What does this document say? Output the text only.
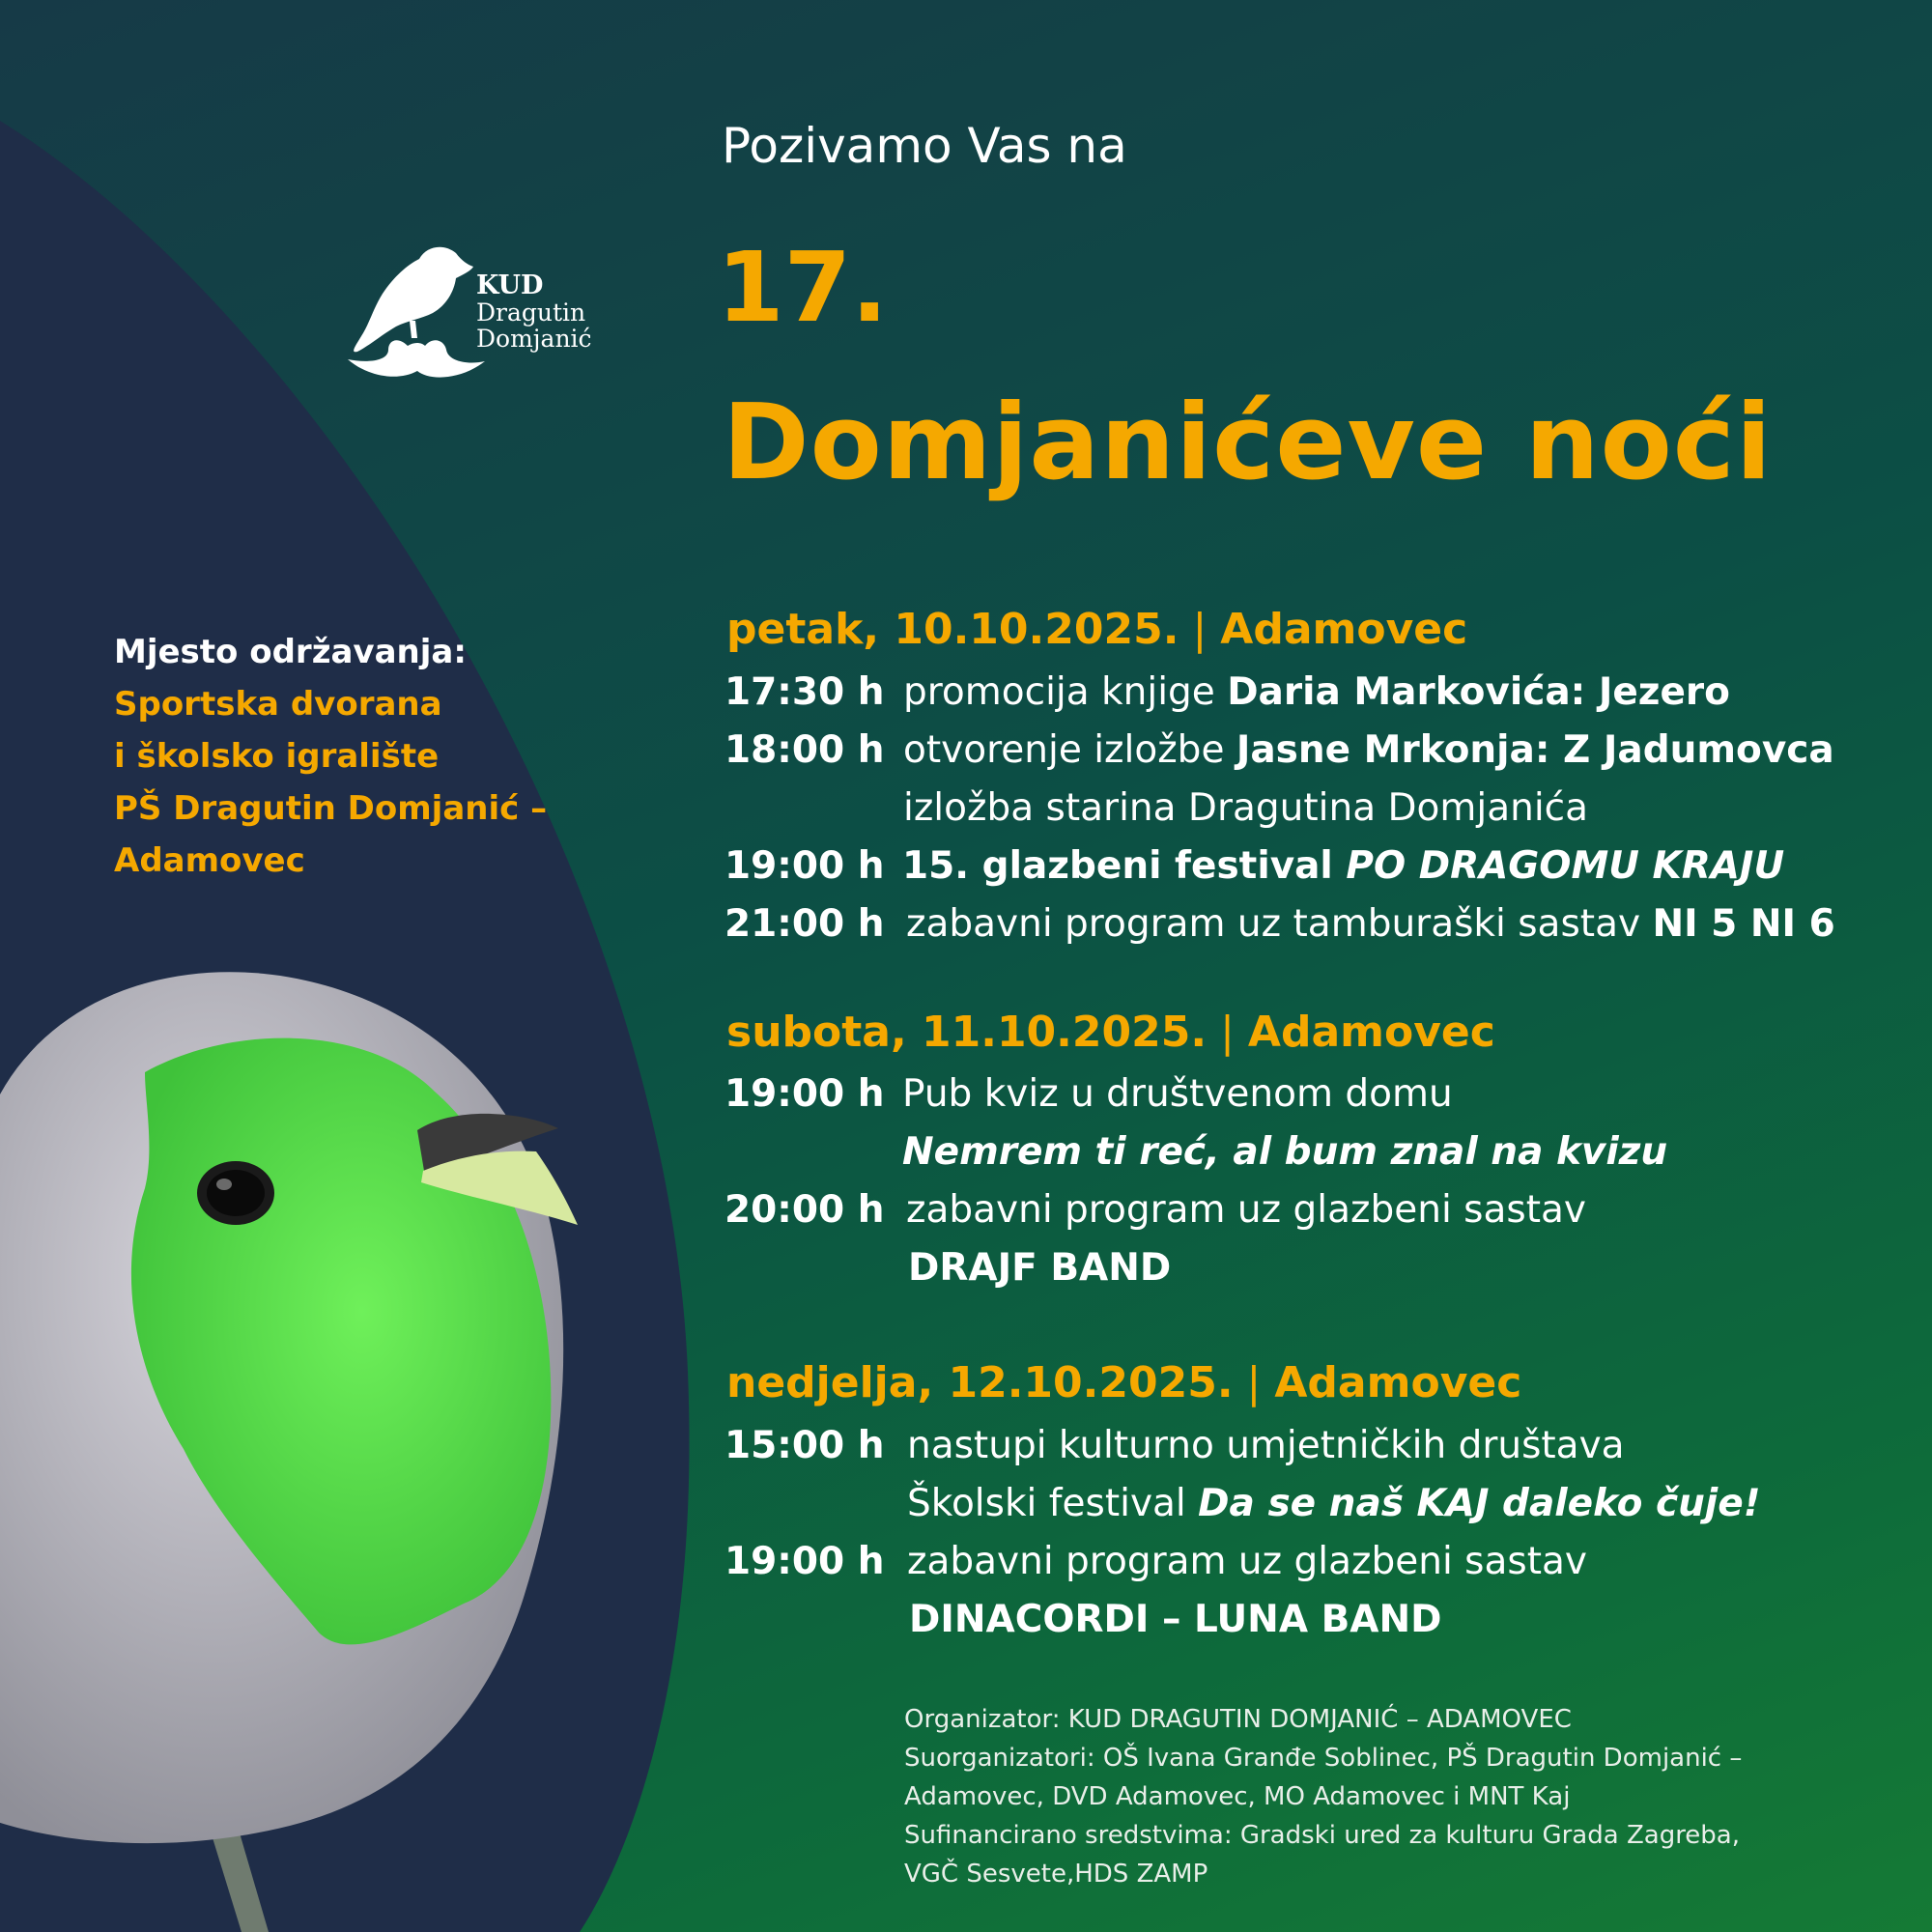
KUD
Dragutin
Domjanić
Mjesto održavanja:
Sportska dvorana
i školsko igralište
PŠ Dragutin Domjanić –
Adamovec
Pozivamo Vas na
17.
Domjanićeve noći
petak, 10.10.2025. | Adamovec
17:30 h promocija knjige Daria Markovića: Jezero
18:00 h otvorenje izložbe Jasne Mrkonja: Z Jadumovca
izložba starina Dragutina Domjanića
19:00 h 15. glazbeni festival PO DRAGOMU KRAJU
21:00 h zabavni program uz tamburaški sastav NI 5 NI 6
subota, 11.10.2025. | Adamovec
19:00 h Pub kviz u društvenom domu
Nemrem ti reć, al bum znal na kvizu
20:00 h zabavni program uz glazbeni sastav
DRAJF BAND
nedjelja, 12.10.2025. | Adamovec
15:00 h nastupi kulturno umjetničkih društava
Školski festival Da se naš KAJ daleko čuje!
19:00 h zabavni program uz glazbeni sastav
DINACORDI – LUNA BAND
Organizator: KUD DRAGUTIN DOMJANIĆ – ADAMOVEC
Suorganizatori: OŠ Ivana Granđe Soblinec, PŠ Dragutin Domjanić –
Adamovec, DVD Adamovec, MO Adamovec i MNT Kaj
Sufinancirano sredstvima: Gradski ured za kulturu Grada Zagreba,
VGČ Sesvete,HDS ZAMP
